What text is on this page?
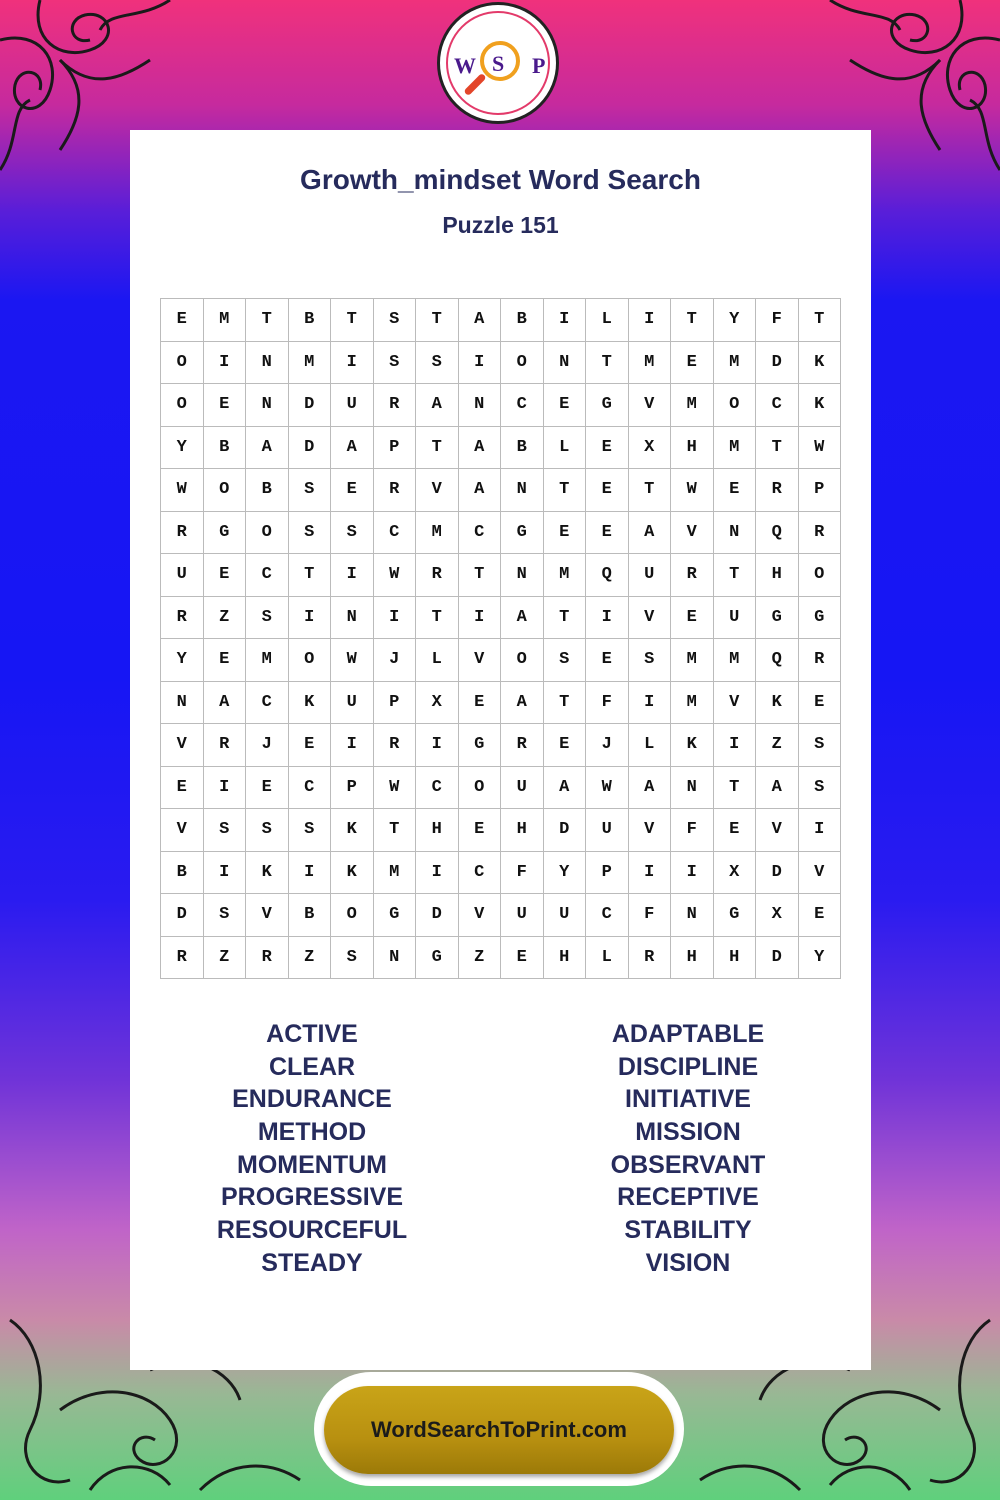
W S P
Growth_mindset Word Search
Puzzle 151
E	M	T	B	T	S	T	A	B	I	L	I	T	Y	F	T
O	I	N	M	I	S	S	I	O	N	T	M	E	M	D	K
O	E	N	D	U	R	A	N	C	E	G	V	M	O	C	K
Y	B	A	D	A	P	T	A	B	L	E	X	H	M	T	W
W	O	B	S	E	R	V	A	N	T	E	T	W	E	R	P
R	G	O	S	S	C	M	C	G	E	E	A	V	N	Q	R
U	E	C	T	I	W	R	T	N	M	Q	U	R	T	H	O
R	Z	S	I	N	I	T	I	A	T	I	V	E	U	G	G
Y	E	M	O	W	J	L	V	O	S	E	S	M	M	Q	R
N	A	C	K	U	P	X	E	A	T	F	I	M	V	K	E
V	R	J	E	I	R	I	G	R	E	J	L	K	I	Z	S
E	I	E	C	P	W	C	O	U	A	W	A	N	T	A	S
V	S	S	S	K	T	H	E	H	D	U	V	F	E	V	I
B	I	K	I	K	M	I	C	F	Y	P	I	I	X	D	V
D	S	V	B	O	G	D	V	U	U	C	F	N	G	X	E
R	Z	R	Z	S	N	G	Z	E	H	L	R	H	H	D	Y
ACTIVE
CLEAR
ENDURANCE
METHOD
MOMENTUM
PROGRESSIVE
RESOURCEFUL
STEADY
ADAPTABLE
DISCIPLINE
INITIATIVE
MISSION
OBSERVANT
RECEPTIVE
STABILITY
VISION
WordSearchToPrint.com
